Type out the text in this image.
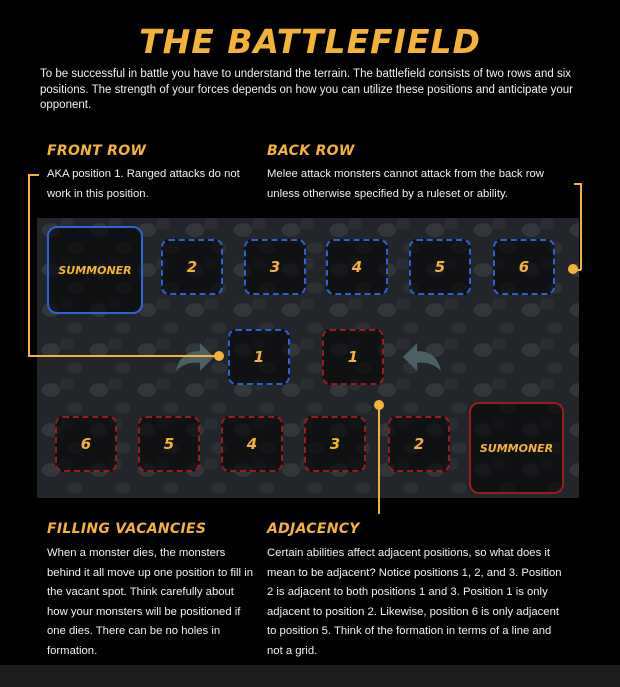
THE BATTLEFIELD
To be successful in battle you have to understand the terrain. The battlefield consists of two rows and six positions. The strength of your forces depends on how you can utilize these positions and anticipate your opponent.
FRONT ROW
AKA position 1. Ranged attacks do not work in this position.
BACK ROW
Melee attack monsters cannot attack from the back row unless otherwise specified by a ruleset or ability.
SUMMONER	2	3	4	5	6
1	1
6	5	4	3	2	SUMMONER
FILLING VACANCIES
When a monster dies, the monsters behind it all move up one position to fill in the vacant spot. Think carefully about how your monsters will be positioned if one dies. There can be no holes in formation.
ADJACENCY
Certain abilities affect adjacent positions, so what does it mean to be adjacent? Notice positions 1, 2, and 3. Position 2 is adjacent to both positions 1 and 3. Position 1 is only adjacent to position 2. Likewise, position 6 is only adjacent to position 5. Think of the formation in terms of a line and not a grid.
